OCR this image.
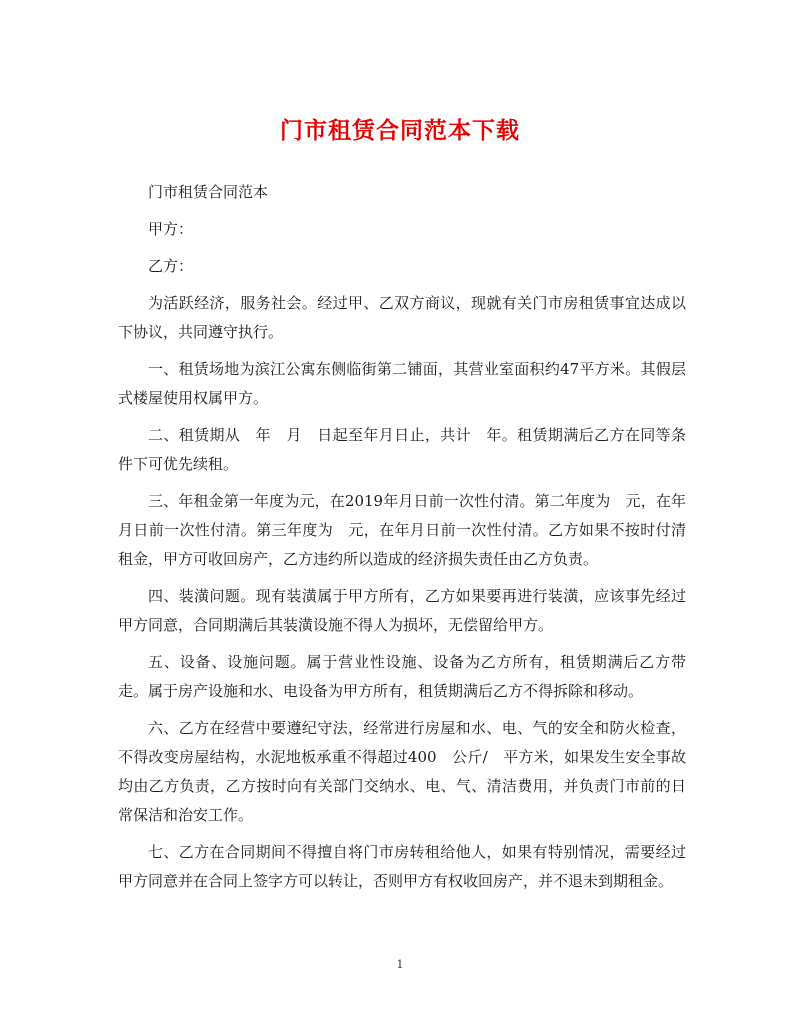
门市租赁合同范本下载

门市租赁合同范本

甲方：

乙方：

为活跃经济，服务社会。经过甲、乙双方商议，现就有关门市房租赁事宜达成以下协议，共同遵守执行。

一、租赁场地为滨江公寓东侧临街第二铺面，其营业室面积约47平方米。其假层式楼屋使用权属甲方。

二、租赁期从　年　月　日起至年月日止，共计　年。租赁期满后乙方在同等条件下可优先续租。

三、年租金第一年度为元，在2019年月日前一次性付清。第二年度为　元，在年月日前一次性付清。第三年度为　元，在年月日前一次性付清。乙方如果不按时付清租金，甲方可收回房产，乙方违约所以造成的经济损失责任由乙方负责。

四、装潢问题。现有装潢属于甲方所有，乙方如果要再进行装潢，应该事先经过甲方同意，合同期满后其装潢设施不得人为损坏，无偿留给甲方。

五、设备、设施问题。属于营业性设施、设备为乙方所有，租赁期满后乙方带走。属于房产设施和水、电设备为甲方所有，租赁期满后乙方不得拆除和移动。

六、乙方在经营中要遵纪守法，经常进行房屋和水、电、气的安全和防火检查，不得改变房屋结构，水泥地板承重不得超过400　公斤/　平方米，如果发生安全事故均由乙方负责，乙方按时向有关部门交纳水、电、气、清洁费用，并负责门市前的日常保洁和治安工作。

七、乙方在合同期间不得擅自将门市房转租给他人，如果有特别情况，需要经过甲方同意并在合同上签字方可以转让，否则甲方有权收回房产，并不退未到期租金。

1
